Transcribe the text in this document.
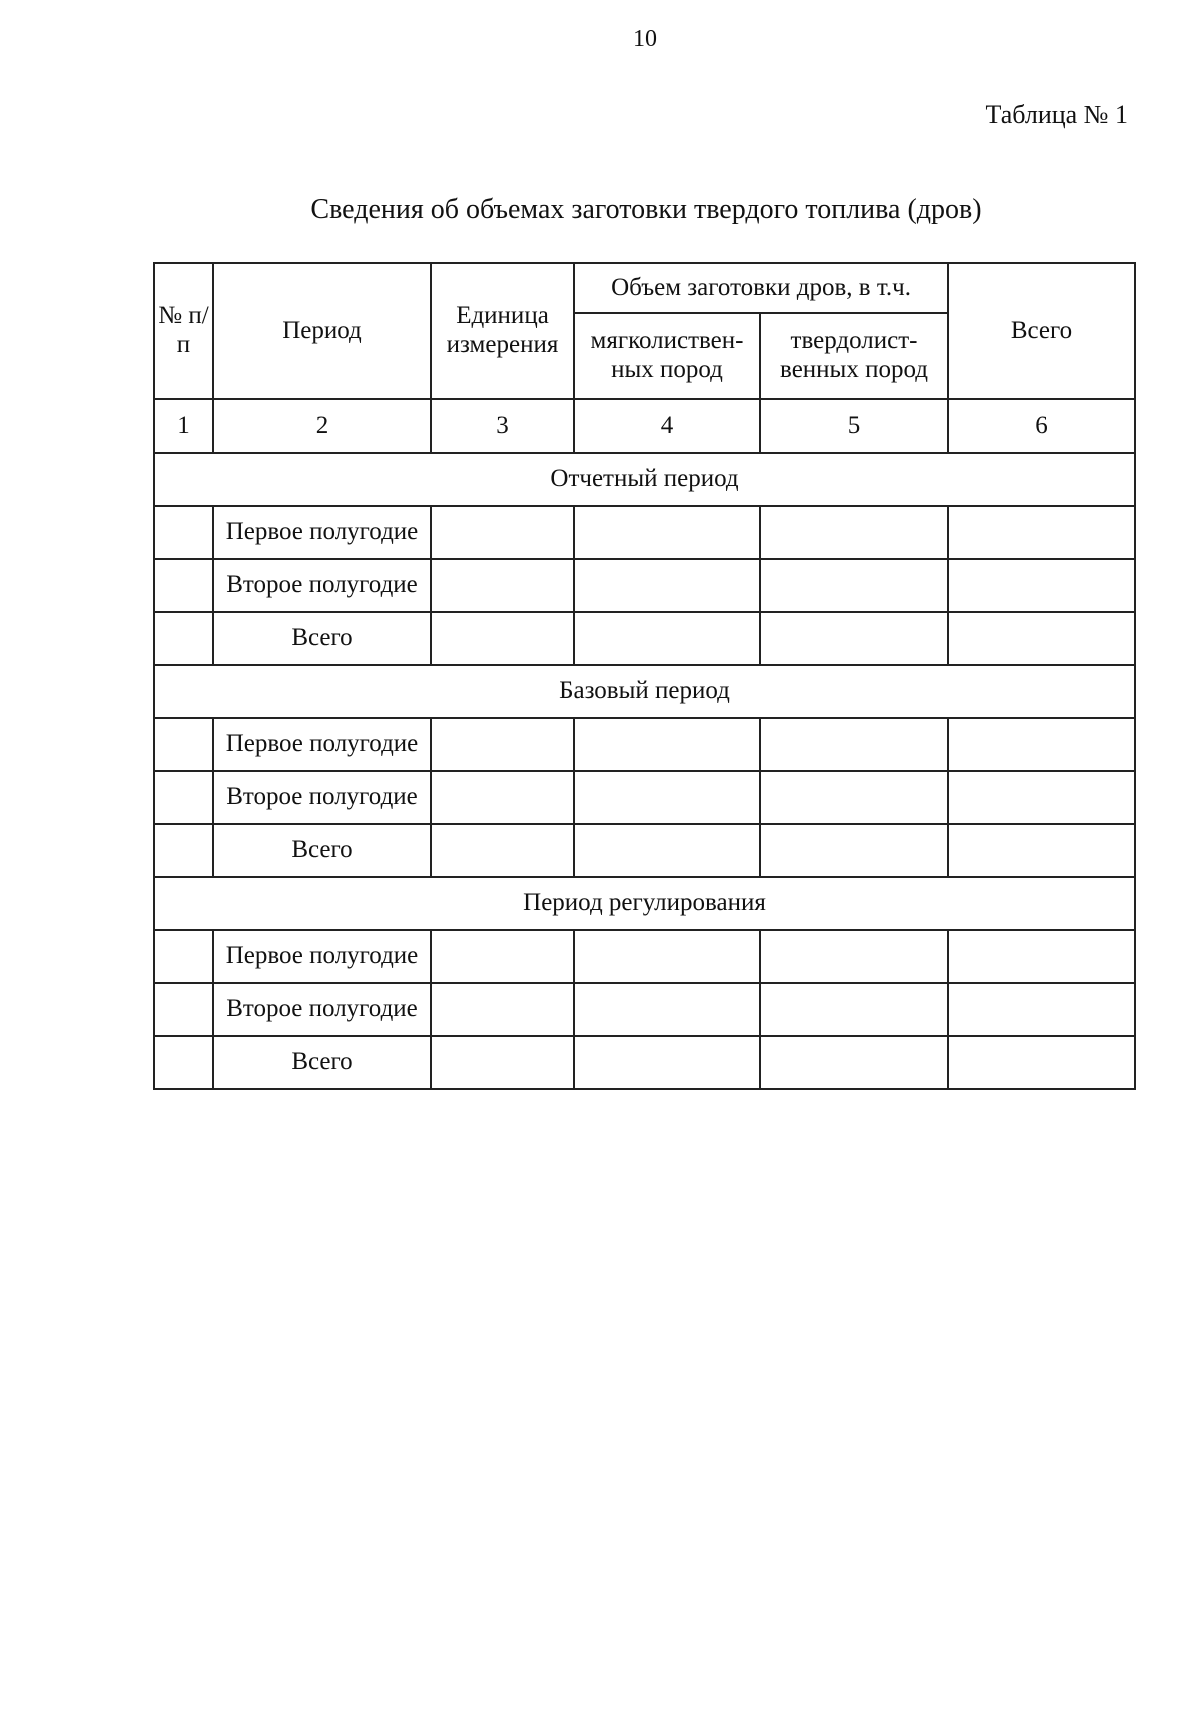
10
Таблица № 1
Сведения об объемах заготовки твердого топлива (дров)
№ п/п	Период	Единица измерения	Объем заготовки дров, в т.ч.		Всего
			мягколиствен-ных пород	твердолист-венных пород	
1	2	3	4	5	6
Отчетный период					
	Первое полугодие				
	Второе полугодие				
	Всего				
Базовый период					
	Первое полугодие				
	Второе полугодие				
	Всего				
Период регулирования					
	Первое полугодие				
	Второе полугодие				
	Всего				
